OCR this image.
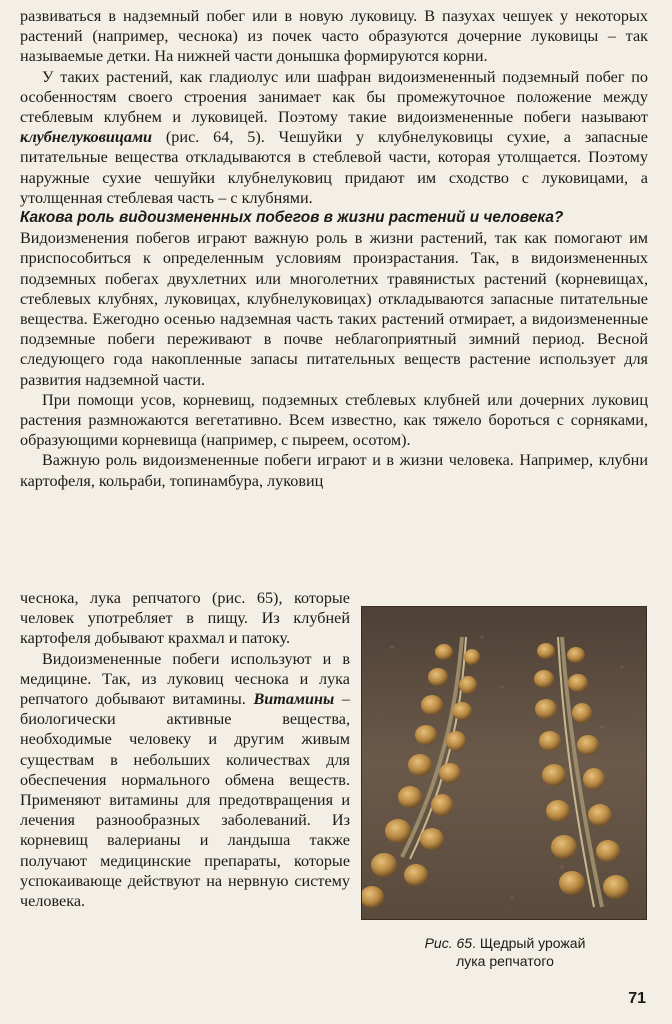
развиваться в надземный побег или в новую луковицу. В пазухах чешуек у некоторых растений (например, чеснока) из почек часто образуются дочерние луковицы – так называемые детки. На нижней части донышка формируются корни.

У таких растений, как гладиолус или шафран видоизмененный подземный побег по особенностям своего строения занимает как бы промежуточное положение между стеблевым клубнем и луковицей. Поэтому такие видоизмененные побеги называют клубнелуковицами (рис. 64, 5). Чешуйки у клубнелуковицы сухие, а запасные питательные вещества откладываются в стеблевой части, которая утолщается. Поэтому наружные сухие чешуйки клубнелуковиц придают им сходство с луковицами, а утолщенная стеблевая часть – с клубнями.

Какова роль видоизмененных побегов в жизни растений и человека?

Видоизменения побегов играют важную роль в жизни растений, так как помогают им приспособиться к определенным условиям произрастания. Так, в видоизмененных подземных побегах двухлетних или многолетних травянистых растений (корневищах, стеблевых клубнях, луковицах, клубнелуковицах) откладываются запасные питательные вещества. Ежегодно осенью надземная часть таких растений отмирает, а видоизмененные подземные побеги переживают в почве неблагоприятный зимний период. Весной следующего года накопленные запасы питательных веществ растение использует для развития надземной части.

При помощи усов, корневищ, подземных стеблевых клубней или дочерних луковиц растения размножаются вегетативно. Всем известно, как тяжело бороться с сорняками, образующими корневища (например, с пыреем, осотом).

Важную роль видоизмененные побеги играют и в жизни человека. Например, клубни картофеля, кольраби, топинамбура, луковиц

чеснока, лука репчатого (рис. 65), которые человек употребляет в пищу. Из клубней картофеля добывают крахмал и патоку.

Видоизмененные побеги используют и в медицине. Так, из луковиц чеснока и лука репчатого добывают витамины. Витамины – биологически активные вещества, необходимые человеку и другим живым существам в небольших количествах для обеспечения нормального обмена веществ. Применяют витамины для предотвращения и лечения разнообразных заболеваний. Из корневищ валерианы и ландыша также получают медицинские препараты, которые успокаивающе действуют на нервную систему человека.

Рис. 65. Щедрый урожай
лука репчатого
71
